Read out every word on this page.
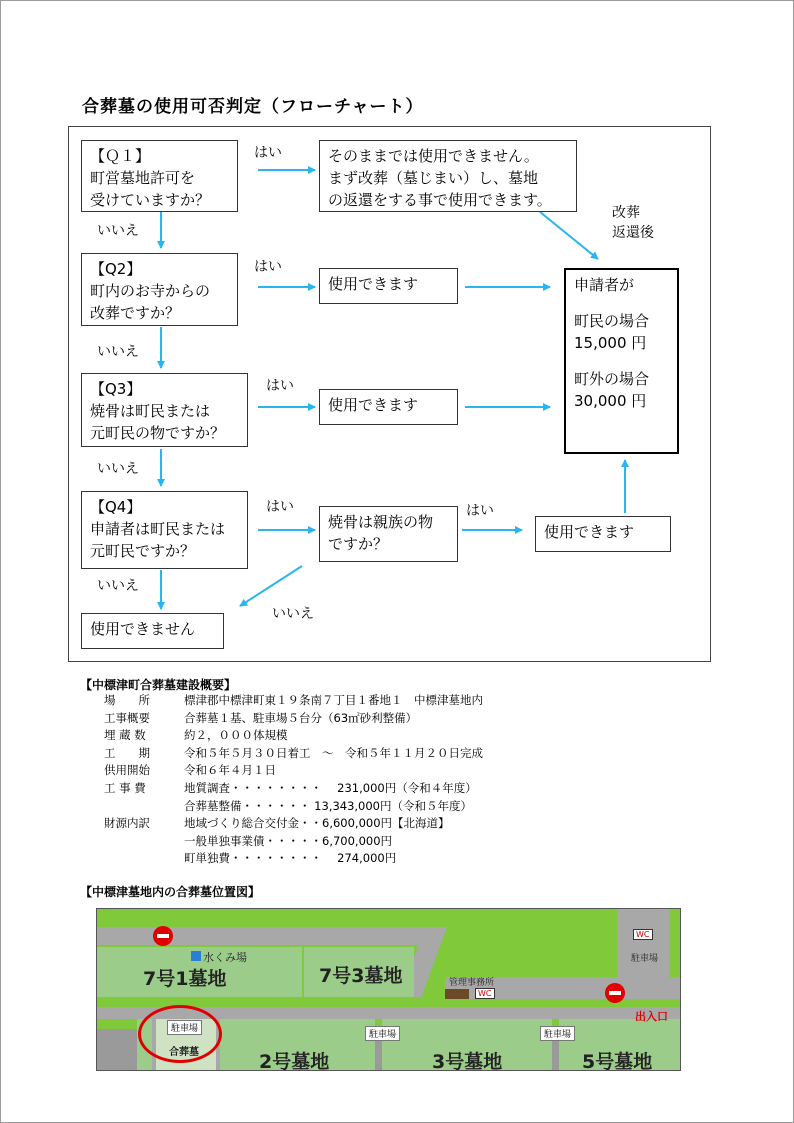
合葬墓の使用可否判定（フローチャート）
【Ｑ１】
町営墓地許可を
受けていますか？
そのままでは使用できません。
まず改葬（墓じまい）し、墓地
の返還をする事で使用できます。
【Q2】
町内のお寺からの
改葬ですか？
使用できます
【Q3】
焼骨は町民または
元町民の物ですか？
使用できます
【Q4】
申請者は町民または
元町民ですか？
焼骨は親族の物
ですか？
使用できます
使用できません
申請者が
町民の場合
15,000 円
町外の場合
30,000 円
はい
はい
はい
はい	はい
いいえ
いいえ
いいえ
いいえ
いいえ
改葬
返還後
【中標津町合葬墓建設概要】
場　　所	標津郡中標津町東１９条南７丁目１番地１　中標津墓地内
工事概要	合葬墓１基、駐車場５台分（63㎡砂利整備）
埋 蔵 数	約２，０００体規模
工　　期	令和５年５月３０日着工　～　令和５年１１月２０日完成
供用開始	令和６年４月１日
工 事 費	地質調査・・・・・・・・　 231,000円（令和４年度）
合葬墓整備・・・・・・ 13,343,000円（令和５年度）
財源内訳	地域づくり総合交付金・・6,600,000円【北海道】
一般単独事業債・・・・・6,700,000円
町単独費・・・・・・・・　 274,000円
【中標津墓地内の合葬墓位置図】
7号1墓地	7号3墓地
2号墓地	3号墓地	5号墓地
水くみ場
管理事務所
WC
WC
駐車場
駐車場
駐車場	駐車場
合葬墓
出入口
